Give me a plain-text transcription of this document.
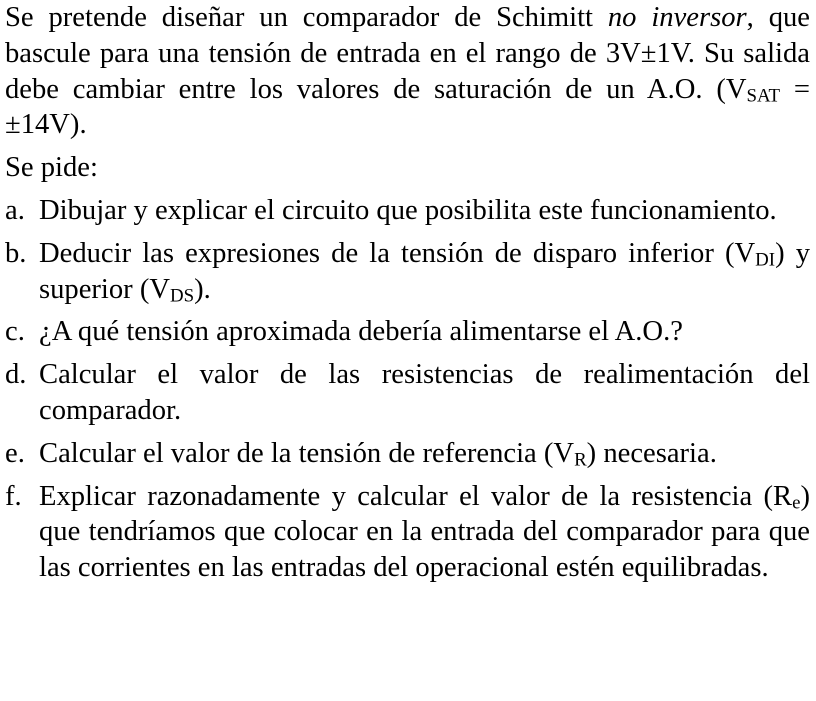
Se pretende diseñar un comparador de Schimitt no inversor, que bascule para una tensión de entrada en el rango de 3V±1V. Su salida debe cambiar entre los valores de saturación de un A.O. (VSAT = ±14V).

Se pide:

a. Dibujar y explicar el circuito que posibilita este funcionamiento.
b. Deducir las expresiones de la tensión de disparo inferior (VDI) y superior (VDS).
c. ¿A qué tensión aproximada debería alimentarse el A.O.?
d. Calcular el valor de las resistencias de realimentación del comparador.
e. Calcular el valor de la tensión de referencia (VR) necesaria.
f. Explicar razonadamente y calcular el valor de la resistencia (Re) que tendríamos que colocar en la entrada del comparador para que las corrientes en las entradas del operacional estén equilibradas.
